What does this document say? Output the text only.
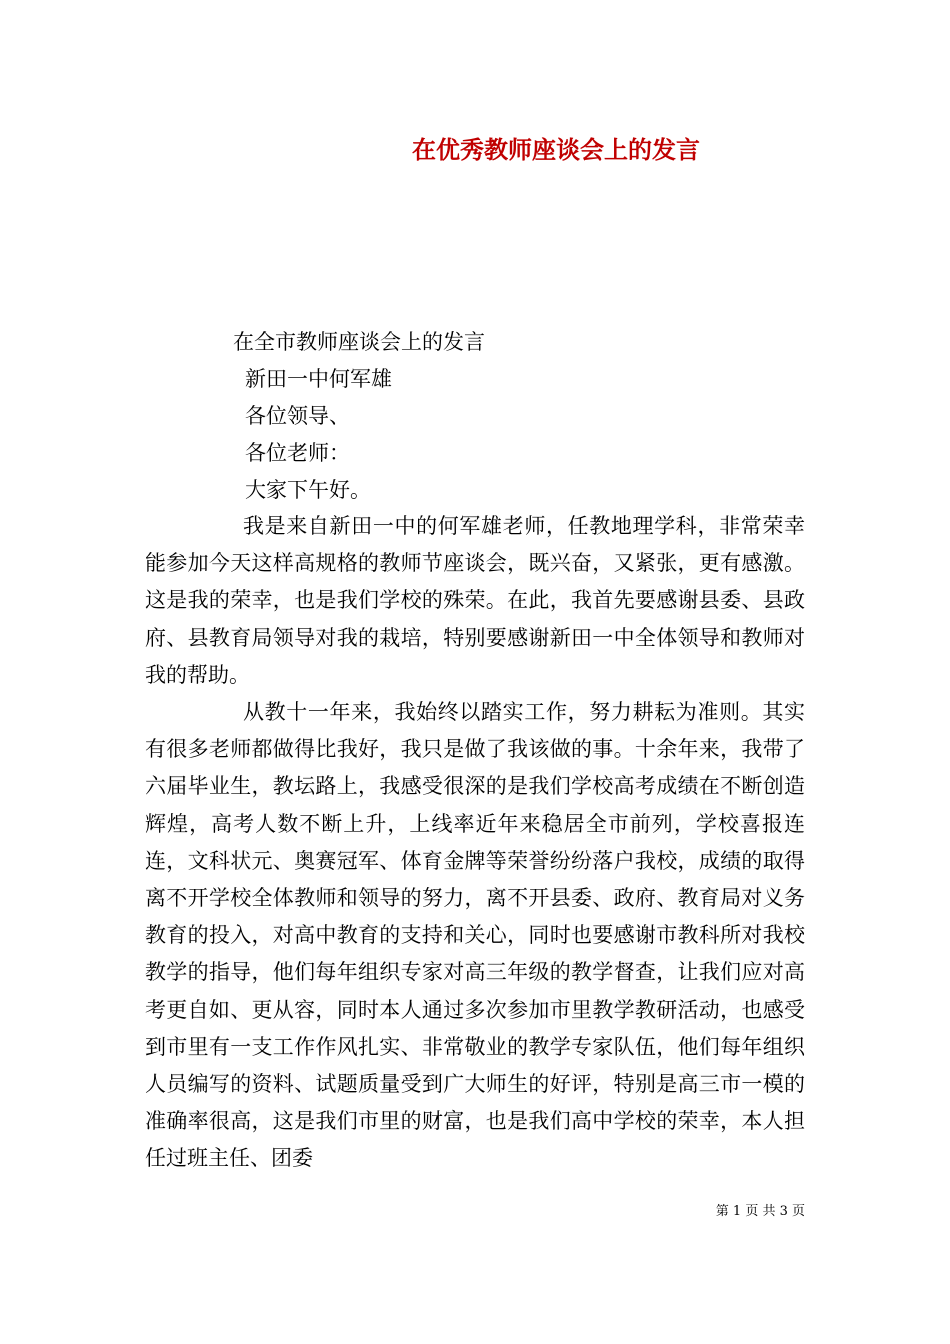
在优秀教师座谈会上的发言
在全市教师座谈会上的发言
新田一中何军雄
各位领导、
各位老师：
大家下午好。

我是来自新田一中的何军雄老师，任教地理学科，非常荣幸能参加今天这样高规格的教师节座谈会，既兴奋，又紧张，更有感激。这是我的荣幸，也是我们学校的殊荣。在此，我首先要感谢县委、县政府、县教育局领导对我的栽培，特别要感谢新田一中全体领导和教师对我的帮助。

从教十一年来，我始终以踏实工作，努力耕耘为准则。其实有很多老师都做得比我好，我只是做了我该做的事。十余年来，我带了六届毕业生，教坛路上，我感受很深的是我们学校高考成绩在不断创造辉煌，高考人数不断上升，上线率近年来稳居全市前列，学校喜报连连，文科状元、奥赛冠军、体育金牌等荣誉纷纷落户我校，成绩的取得离不开学校全体教师和领导的努力，离不开县委、政府、教育局对义务教育的投入，对高中教育的支持和关心，同时也要感谢市教科所对我校教学的指导，他们每年组织专家对高三年级的教学督查，让我们应对高考更自如、更从容，同时本人通过多次参加市里教学教研活动，也感受到市里有一支工作作风扎实、非常敬业的教学专家队伍，他们每年组织人员编写的资料、试题质量受到广大师生的好评，特别是高三市一模的准确率很高，这是我们市里的财富，也是我们高中学校的荣幸，本人担任过班主任、团委

第 1 页 共 3 页
